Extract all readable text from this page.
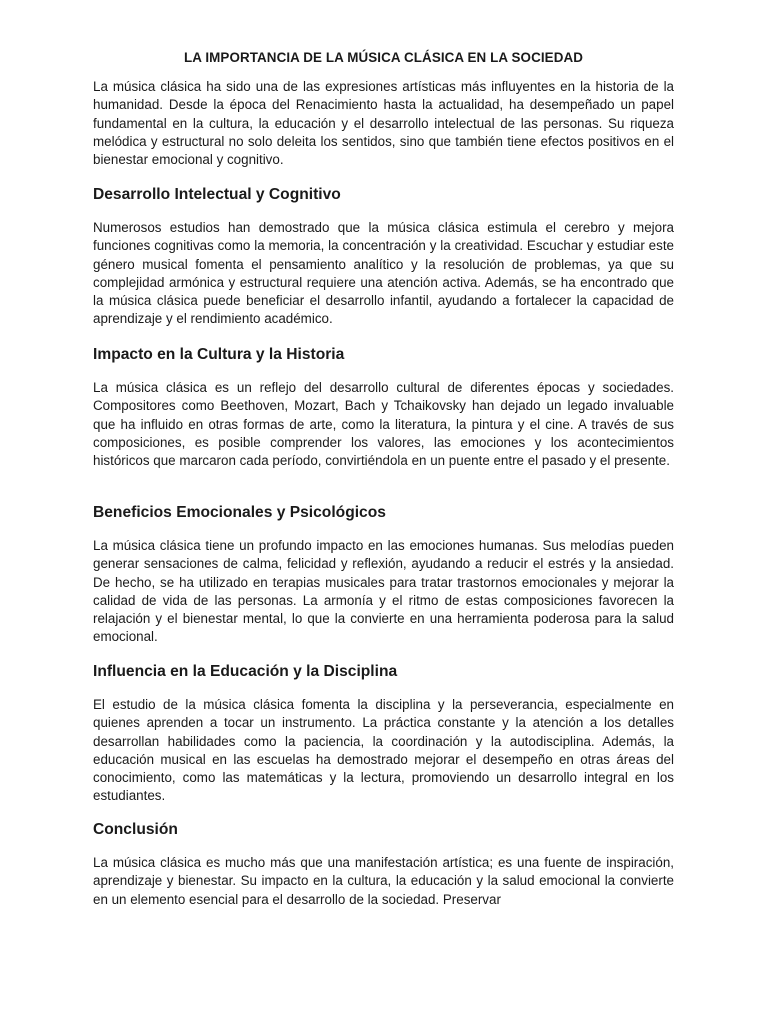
LA IMPORTANCIA DE LA MÚSICA CLÁSICA EN LA SOCIEDAD

La música clásica ha sido una de las expresiones artísticas más influyentes en la historia de la humanidad. Desde la época del Renacimiento hasta la actualidad, ha desempeñado un papel fundamental en la cultura, la educación y el desarrollo intelectual de las personas. Su riqueza melódica y estructural no solo deleita los sentidos, sino que también tiene efectos positivos en el bienestar emocional y cognitivo.

Desarrollo Intelectual y Cognitivo

Numerosos estudios han demostrado que la música clásica estimula el cerebro y mejora funciones cognitivas como la memoria, la concentración y la creatividad. Escuchar y estudiar este género musical fomenta el pensamiento analítico y la resolución de problemas, ya que su complejidad armónica y estructural requiere una atención activa. Además, se ha encontrado que la música clásica puede beneficiar el desarrollo infantil, ayudando a fortalecer la capacidad de aprendizaje y el rendimiento académico.

Impacto en la Cultura y la Historia

La música clásica es un reflejo del desarrollo cultural de diferentes épocas y sociedades. Compositores como Beethoven, Mozart, Bach y Tchaikovsky han dejado un legado invaluable que ha influido en otras formas de arte, como la literatura, la pintura y el cine. A través de sus composiciones, es posible comprender los valores, las emociones y los acontecimientos históricos que marcaron cada período, convirtiéndola en un puente entre el pasado y el presente.

Beneficios Emocionales y Psicológicos

La música clásica tiene un profundo impacto en las emociones humanas. Sus melodías pueden generar sensaciones de calma, felicidad y reflexión, ayudando a reducir el estrés y la ansiedad. De hecho, se ha utilizado en terapias musicales para tratar trastornos emocionales y mejorar la calidad de vida de las personas. La armonía y el ritmo de estas composiciones favorecen la relajación y el bienestar mental, lo que la convierte en una herramienta poderosa para la salud emocional.

Influencia en la Educación y la Disciplina

El estudio de la música clásica fomenta la disciplina y la perseverancia, especialmente en quienes aprenden a tocar un instrumento. La práctica constante y la atención a los detalles desarrollan habilidades como la paciencia, la coordinación y la autodisciplina. Además, la educación musical en las escuelas ha demostrado mejorar el desempeño en otras áreas del conocimiento, como las matemáticas y la lectura, promoviendo un desarrollo integral en los estudiantes.

Conclusión

La música clásica es mucho más que una manifestación artística; es una fuente de inspiración, aprendizaje y bienestar. Su impacto en la cultura, la educación y la salud emocional la convierte en un elemento esencial para el desarrollo de la sociedad. Preservar
